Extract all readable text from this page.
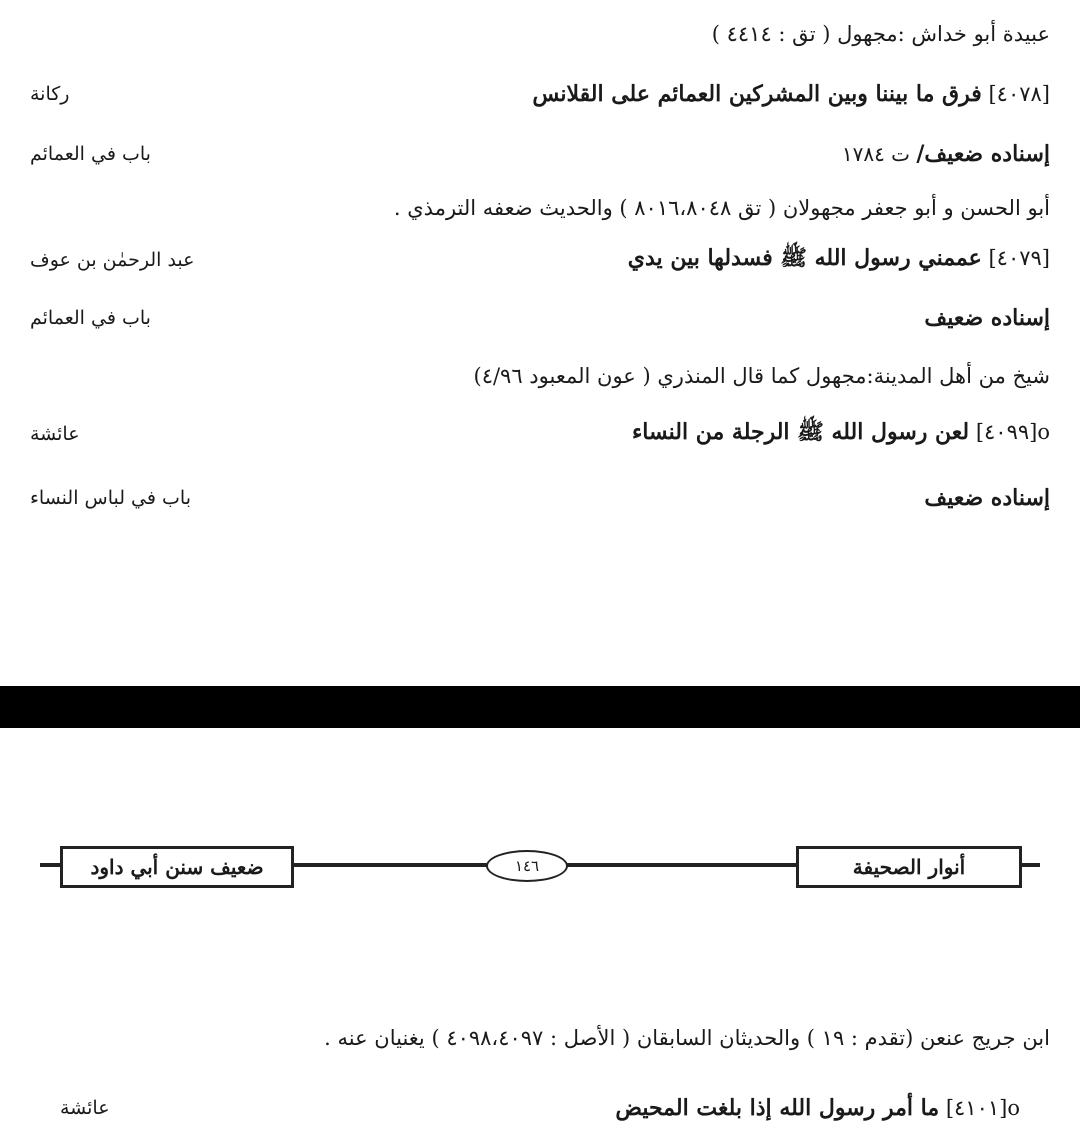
عبيدة أبو خداش :مجهول ( تق : ٤٤١٤ )
[٤٠٧٨] فرق ما بيننا وبين المشركين العمائم على القلانس
ركانة
إسناده ضعيف/ ت ١٧٨٤
باب في العمائم
أبو الحسن و أبو جعفر مجهولان ( تق ٨٠١٦،٨٠٤٨ ) والحديث ضعفه الترمذي .
[٤٠٧٩] عممني رسول الله ﷺ فسدلها بين يدي
عبد الرحمٰن بن عوف
إسناده ضعيف
باب في العمائم
شيخ من أهل المدينة:مجهول كما قال المنذري ( عون المعبود ٤/٩٦)
o[٤٠٩٩] لعن رسول الله ﷺ الرجلة من النساء
عائشة
إسناده ضعيف
باب في لباس النساء
ضعيف سنن أبي داود	١٤٦	أنوار الصحيفة
ابن جريج عنعن (تقدم : ١٩ ) والحديثان السابقان ( الأصل : ٤٠٩٨،٤٠٩٧ ) يغنيان عنه .
o[٤١٠١] ما أمر رسول الله إذا بلغت المحيض
عائشة
